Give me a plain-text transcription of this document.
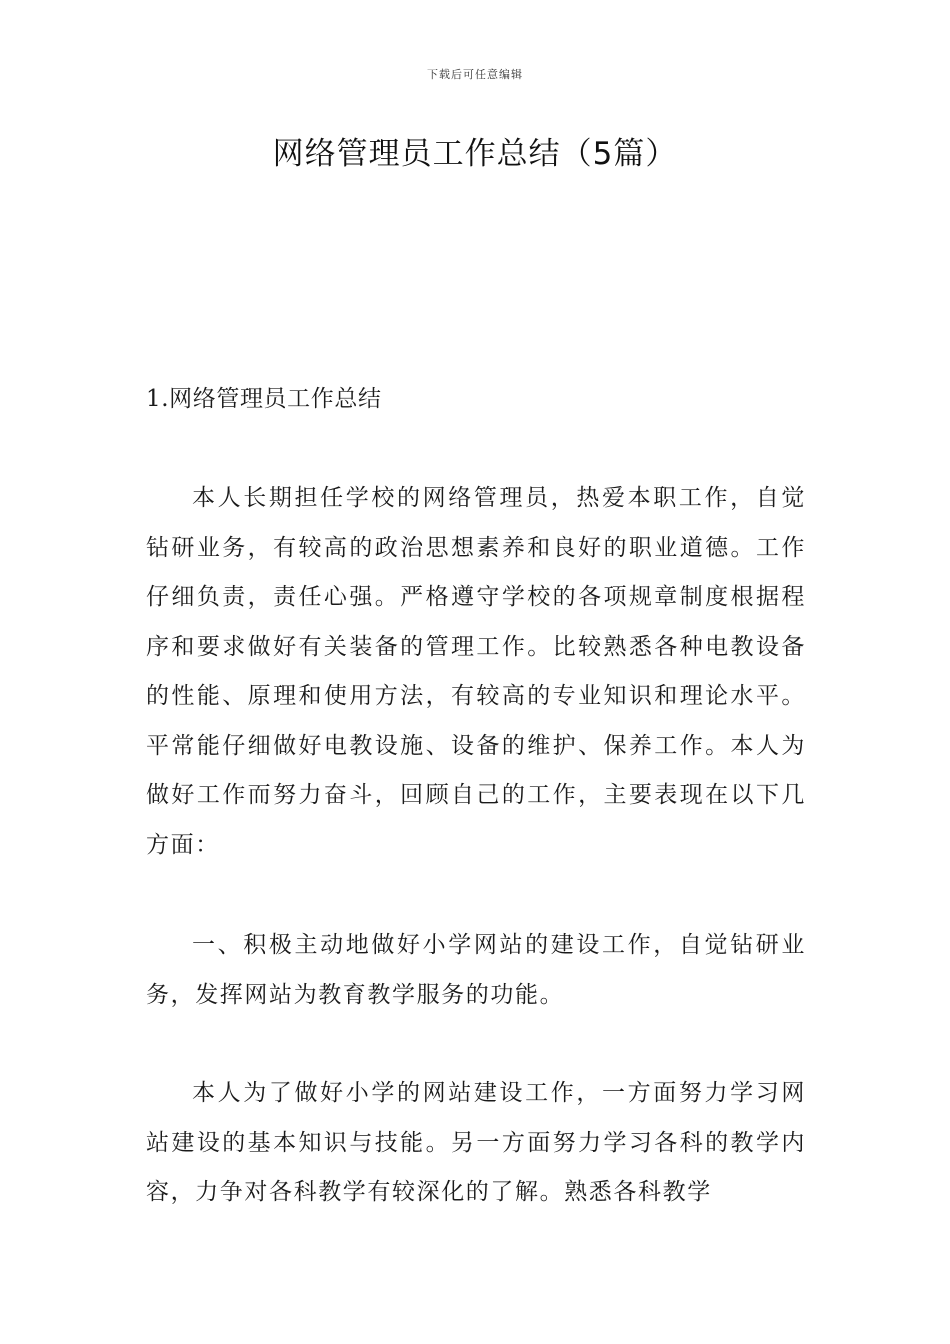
下载后可任意编辑
网络管理员工作总结（5篇）
1.网络管理员工作总结

本人长期担任学校的网络管理员，热爱本职工作，自觉钻研业务，有较高的政治思想素养和良好的职业道德。工作仔细负责，责任心强。严格遵守学校的各项规章制度根据程序和要求做好有关装备的管理工作。比较熟悉各种电教设备的性能、原理和使用方法，有较高的专业知识和理论水平。平常能仔细做好电教设施、设备的维护、保养工作。本人为做好工作而努力奋斗，回顾自己的工作，主要表现在以下几方面：

一、积极主动地做好小学网站的建设工作，自觉钻研业务，发挥网站为教育教学服务的功能。

本人为了做好小学的网站建设工作，一方面努力学习网站建设的基本知识与技能。另一方面努力学习各科的教学内容，力争对各科教学有较深化的了解。熟悉各科教学
